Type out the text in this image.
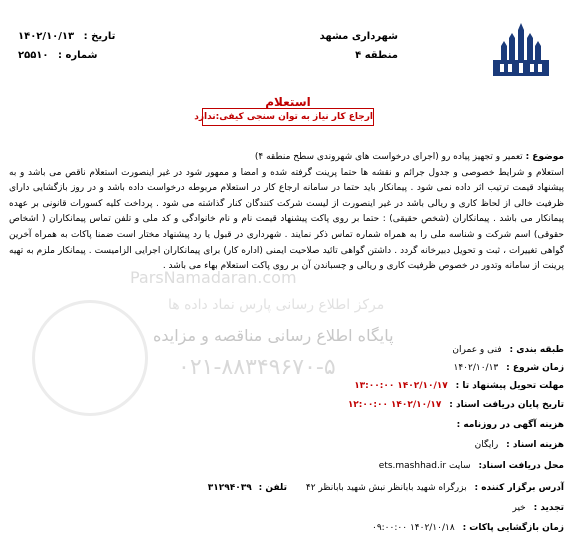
تاریخ : ۱۴۰۲/۱۰/۱۳
شماره : ۲۵۵۱۰
شهرداری مشهد
منطقه ۴
استعلام
ارجاع کار نیاز به توان سنجی کیفی:ندارد

موضوع : تعمیر و تجهیز پیاده رو (اجرای درخواست های شهروندی سطح منطقه ۴)

استعلام و شرایط خصوصی و جدول جرائم و نقشه ها حتما پرینت گرفته شده و امضا و ممهور شود در غیر اینصورت استعلام ناقص می باشد و به پیشنهاد قیمت ترتیب اثر داده نمی شود . پیمانکار باید حتما در سامانه ارجاع کار در استعلام مربوطه درخواست داده باشد و در روز بازگشایی دارای ظرفیت خالی از لحاظ کاری و ریالی باشد در غیر اینصورت از لیست شرکت کنندگان کنار گذاشته می شود . پرداخت کلیه کسورات قانونی بر عهده پیمانکار می باشد . پیمانکاران (شخص حقیقی) : حتما بر روی پاکت پیشنهاد قیمت نام و نام خانوادگی و کد ملی و تلفن تماس پیمانکاران ( اشخاص حقوقی) اسم شرکت و شناسه ملی را به همراه شماره تماس ذکر نمایند . شهرداری در قبول یا رد پیشنهاد مختار است ضمنا پاکات به همراه آخرین گواهی تغییرات ، ثبت و تحویل دبیرخانه گردد . داشتن گواهی تائید صلاحیت ایمنی (اداره کار) برای پیمانکاران اجرایی الزامیست . پیمانکار ملزم به تهیه پرینت از سامانه وتدور در خصوص ظرفیت کاری و ریالی و چسباندن آن بر روی پاکت استعلام بهاء می باشد .

طبقه بندی : فنی و عمران
زمان شروع : ۱۴۰۲/۱۰/۱۳
مهلت تحویل پیشنهاد تا : ۱۴۰۲/۱۰/۱۷ ۱۳:۰۰:۰۰
تاریخ پایان دریافت اسناد : ۱۴۰۲/۱۰/۱۷ ۱۲:۰۰:۰۰
هزینه آگهی در روزنامه :
هزینه اسناد : رایگان
محل دریافت اسناد: سایت ets.mashhad.ir
آدرس برگزار کننده : بزرگراه شهید بابانظر نبش شهید بابانظر ۴۲ تلفن : ۳۱۲۹۴۰۳۹
تجدید : خیر
زمان بازگشایی پاکات : ۱۴۰۲/۱۰/۱۸ ۰۹:۰۰:۰۰
ParsNamadaran.com
مرکز اطلاع رسانی پارس نماد داده ها
پایگاه اطلاع رسانی مناقصه و مزایده
۰۲۱-۸۸۳۴۹۶۷۰-۵
